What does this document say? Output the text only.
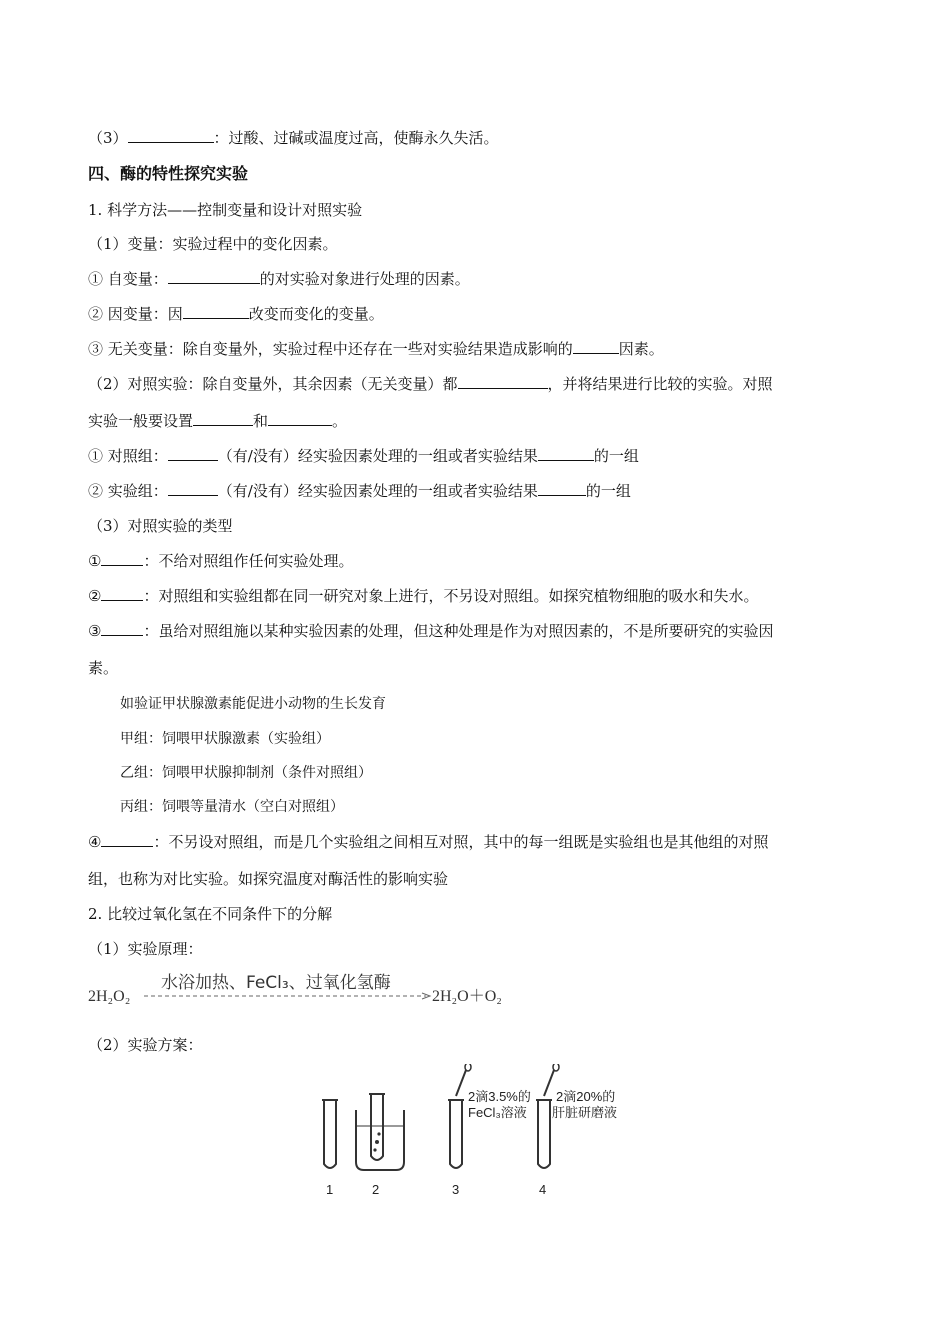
（3）	：过酸、过碱或温度过高，使酶永久失活。
四、酶的特性探究实验
1. 科学方法——控制变量和设计对照实验
（1）变量：实验过程中的变化因素。
① 自变量：	的对实验对象进行处理的因素。
② 因变量：因	改变而变化的变量。
③ 无关变量：除自变量外，实验过程中还存在一些对实验结果造成影响的	因素。
（2）对照实验：除自变量外，其余因素（无关变量）都	，并将结果进行比较的实验。对照
实验一般要设置	和	。
① 对照组：	（有/没有）经实验因素处理的一组或者实验结果	的一组
② 实验组：	（有/没有）经实验因素处理的一组或者实验结果	的一组
（3）对照实验的类型
①	：不给对照组作任何实验处理。
②	：对照组和实验组都在同一研究对象上进行，不另设对照组。如探究植物细胞的吸水和失水。
③	：虽给对照组施以某种实验因素的处理，但这种处理是作为对照因素的，不是所要研究的实验因
素。
如验证甲状腺激素能促进小动物的生长发育
甲组：饲喂甲状腺激素（实验组）
乙组：饲喂甲状腺抑制剂（条件对照组）
丙组：饲喂等量清水（空白对照组）
④	：不另设对照组，而是几个实验组之间相互对照，其中的每一组既是实验组也是其他组的对照
组，也称为对比实验。如探究温度对酶活性的影响实验
2. 比较过氧化氢在不同条件下的分解
（1）实验原理：
2H₂O₂
水浴加热、FeCl₃、过氧化氢酶
2H₂O＋O₂
（2）实验方案：
1	2
2滴3.5%的
FeCl₃溶液
3
2滴20%的
肝脏研磨液
4
